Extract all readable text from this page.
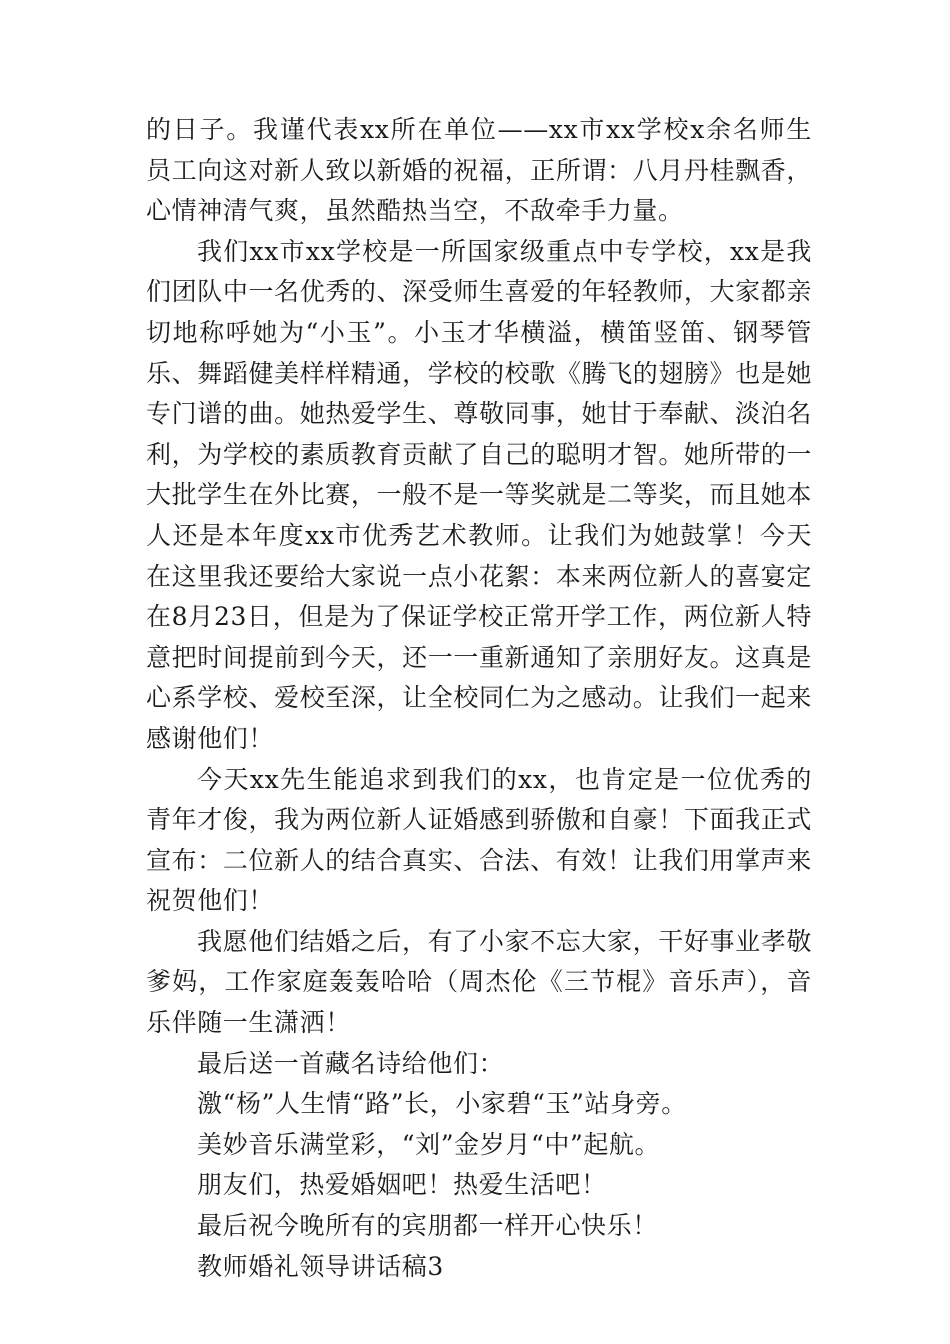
的日子。我谨代表xx所在单位——xx市xx学校x余名师生员工向这对新人致以新婚的祝福，正所谓：八月丹桂飘香，心情神清气爽，虽然酷热当空，不敌牵手力量。

我们xx市xx学校是一所国家级重点中专学校，xx是我们团队中一名优秀的、深受师生喜爱的年轻教师，大家都亲切地称呼她为“小玉”。小玉才华横溢，横笛竖笛、钢琴管乐、舞蹈健美样样精通，学校的校歌《腾飞的翅膀》也是她专门谱的曲。她热爱学生、尊敬同事，她甘于奉献、淡泊名利，为学校的素质教育贡献了自己的聪明才智。她所带的一大批学生在外比赛，一般不是一等奖就是二等奖，而且她本人还是本年度xx市优秀艺术教师。让我们为她鼓掌！今天在这里我还要给大家说一点小花絮：本来两位新人的喜宴定在8月23日，但是为了保证学校正常开学工作，两位新人特意把时间提前到今天，还一一重新通知了亲朋好友。这真是心系学校、爱校至深，让全校同仁为之感动。让我们一起来感谢他们！

今天xx先生能追求到我们的xx，也肯定是一位优秀的青年才俊，我为两位新人证婚感到骄傲和自豪！下面我正式宣布：二位新人的结合真实、合法、有效！让我们用掌声来祝贺他们！

我愿他们结婚之后，有了小家不忘大家，干好事业孝敬爹妈，工作家庭轰轰哈哈（周杰伦《三节棍》音乐声），音乐伴随一生潇洒！

最后送一首藏名诗给他们：

激“杨”人生情“路”长，小家碧“玉”站身旁。

美妙音乐满堂彩，“刘”金岁月“中”起航。

朋友们，热爱婚姻吧！热爱生活吧！

最后祝今晚所有的宾朋都一样开心快乐！

教师婚礼领导讲话稿3
